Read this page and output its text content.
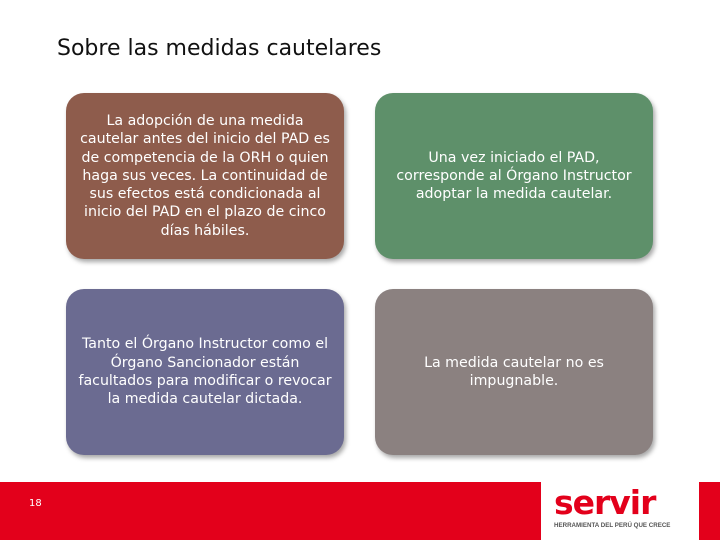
Sobre las medidas cautelares
La adopción de una medida cautelar antes del inicio del PAD es de competencia de la ORH o quien haga sus veces. La continuidad de sus efectos está condicionada al inicio del PAD en el plazo de cinco días hábiles.
Una vez iniciado el PAD, corresponde al Órgano Instructor adoptar la medida cautelar.
Tanto el Órgano Instructor como el Órgano Sancionador están facultados para modificar o revocar la medida cautelar dictada.
La medida cautelar no es impugnable.
18	servir
HERRAMIENTA DEL PERÚ QUE CRECE
